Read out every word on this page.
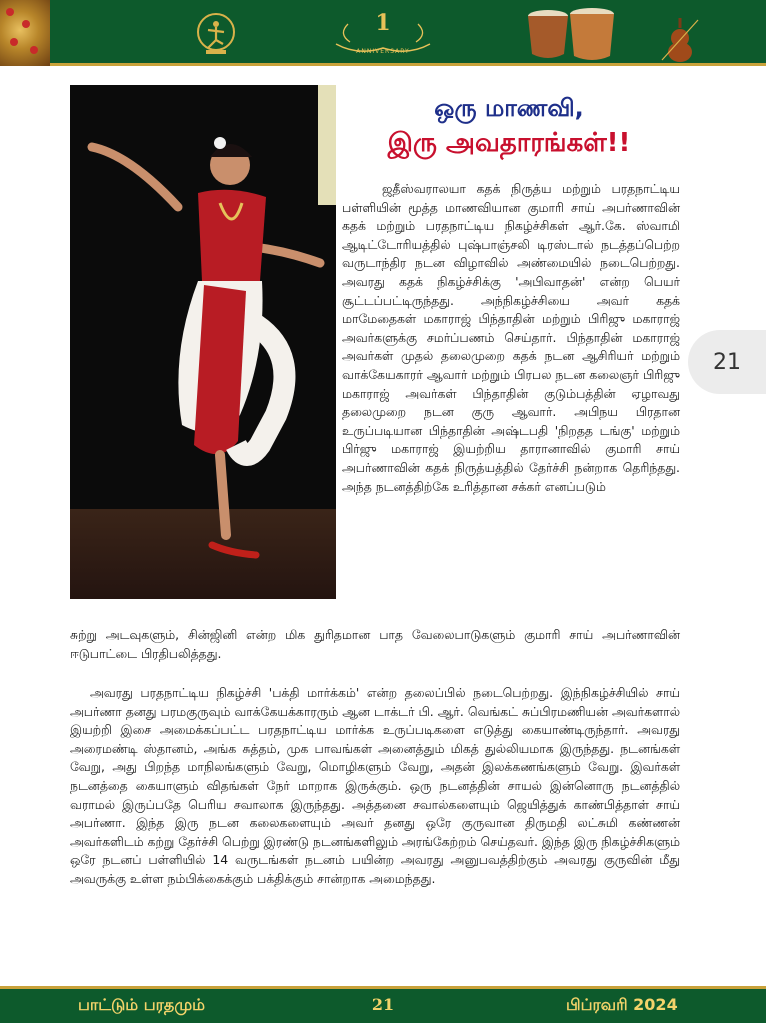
1
ANNIVERSARY
ஒரு மாணவி,
இரு அவதாரங்கள்!!

ஜதீஸ்வராலயா கதக் நிருத்ய மற்றும் பரதநாட்டிய பள்ளியின் மூத்த மாணவியான குமாரி சாய் அபர்ணாவின் கதக் மற்றும் பரதநாட்டிய நிகழ்ச்சிகள் ஆர்.கே. ஸ்வாமி ஆடிட்டோரியத்தில் புஷ்பாஞ்சலி டிரஸ்டால் நடத்தப்பெற்ற வருடாந்திர நடன விழாவில் அண்மையில் நடைபெற்றது. அவரது கதக் நிகழ்ச்சிக்கு 'அபிவாதன்' என்ற பெயர் சூட்டப்பட்டிருந்தது. அந்நிகழ்ச்சியை அவர் கதக் மாமேதைகள் மகாராஜ் பிந்தாதின் மற்றும் பிரிஜு மகாராஜ் அவர்களுக்கு சமர்ப்பணம் செய்தார். பிந்தாதின் மகாராஜ் அவர்கள் முதல் தலைமுறை கதக் நடன ஆசிரியர் மற்றும் வாக்கேயகாரர் ஆவார் மற்றும் பிரபல நடன கலைஞர் பிரிஜு மகாராஜ் அவர்கள் பிந்தாதின் குடும்பத்தின் ஏழாவது தலைமுறை நடன குரு ஆவார். அபிநய பிரதான உருப்படியான பிந்தாதின் அஷ்டபதி 'நிறதத டங்கு' மற்றும் பிர்ஜு மகாராஜ் இயற்றிய தாரானாவில் குமாரி சாய் அபர்ணாவின் கதக் நிருத்யத்தில் தேர்ச்சி நன்றாக தெரிந்தது. அந்த நடனத்திற்கே உரித்தான சக்கர் எனப்படும்

சுற்று அடவுகளும், சின்ஜினி என்ற மிக துரிதமான பாத வேலைபாடுகளும் குமாரி சாய் அபர்ணாவின் ஈடுபாட்டை பிரதிபலித்தது.

அவரது பரதநாட்டிய நிகழ்ச்சி 'பக்தி மார்க்கம்' என்ற தலைப்பில் நடைபெற்றது. இந்நிகழ்ச்சியில் சாய் அபர்ணா தனது பரமகுருவும் வாக்கேயக்காரரும் ஆன டாக்டர் பி. ஆர். வெங்கட் சுப்பிரமணியன் அவர்களால் இயற்றி இசை அமைக்கப்பட்ட பரதநாட்டிய மார்க்க உருப்படிகளை எடுத்து கையாண்டிருந்தார். அவரது அரைமண்டி ஸ்தானம், அங்க சுத்தம், முக பாவங்கள் அனைத்தும் மிகத் துல்லியமாக இருந்தது. நடனங்கள் வேறு, அது பிறந்த மாநிலங்களும் வேறு, மொழிகளும் வேறு, அதன் இலக்கணங்களும் வேறு. இவர்கள் நடனத்தை கையாளும் விதங்கள் நேர் மாறாக இருக்கும். ஒரு நடனத்தின் சாயல் இன்னொரு நடனத்தில் வராமல் இருப்பதே பெரிய சவாலாக இருந்தது. அத்தனை சவால்களையும் ஜெயித்துக் காண்பித்தாள் சாய் அபர்ணா. இந்த இரு நடன கலைகளையும் அவர் தனது ஒரே குருவான திருமதி லட்சுமி கண்ணன் அவர்களிடம் கற்று தேர்ச்சி பெற்று இரண்டு நடனங்களிலும் அரங்கேற்றம் செய்தவர். இந்த இரு நிகழ்ச்சிகளும் ஒரே நடனப் பள்ளியில் 14 வருடங்கள் நடனம் பயின்ற அவரது அனுபவத்திற்கும் அவரது குருவின் மீது அவருக்கு உள்ள நம்பிக்கைக்கும் பக்திக்கும் சான்றாக அமைந்தது.

21
பாட்டும் பரதமும்	21	பிப்ரவரி 2024
